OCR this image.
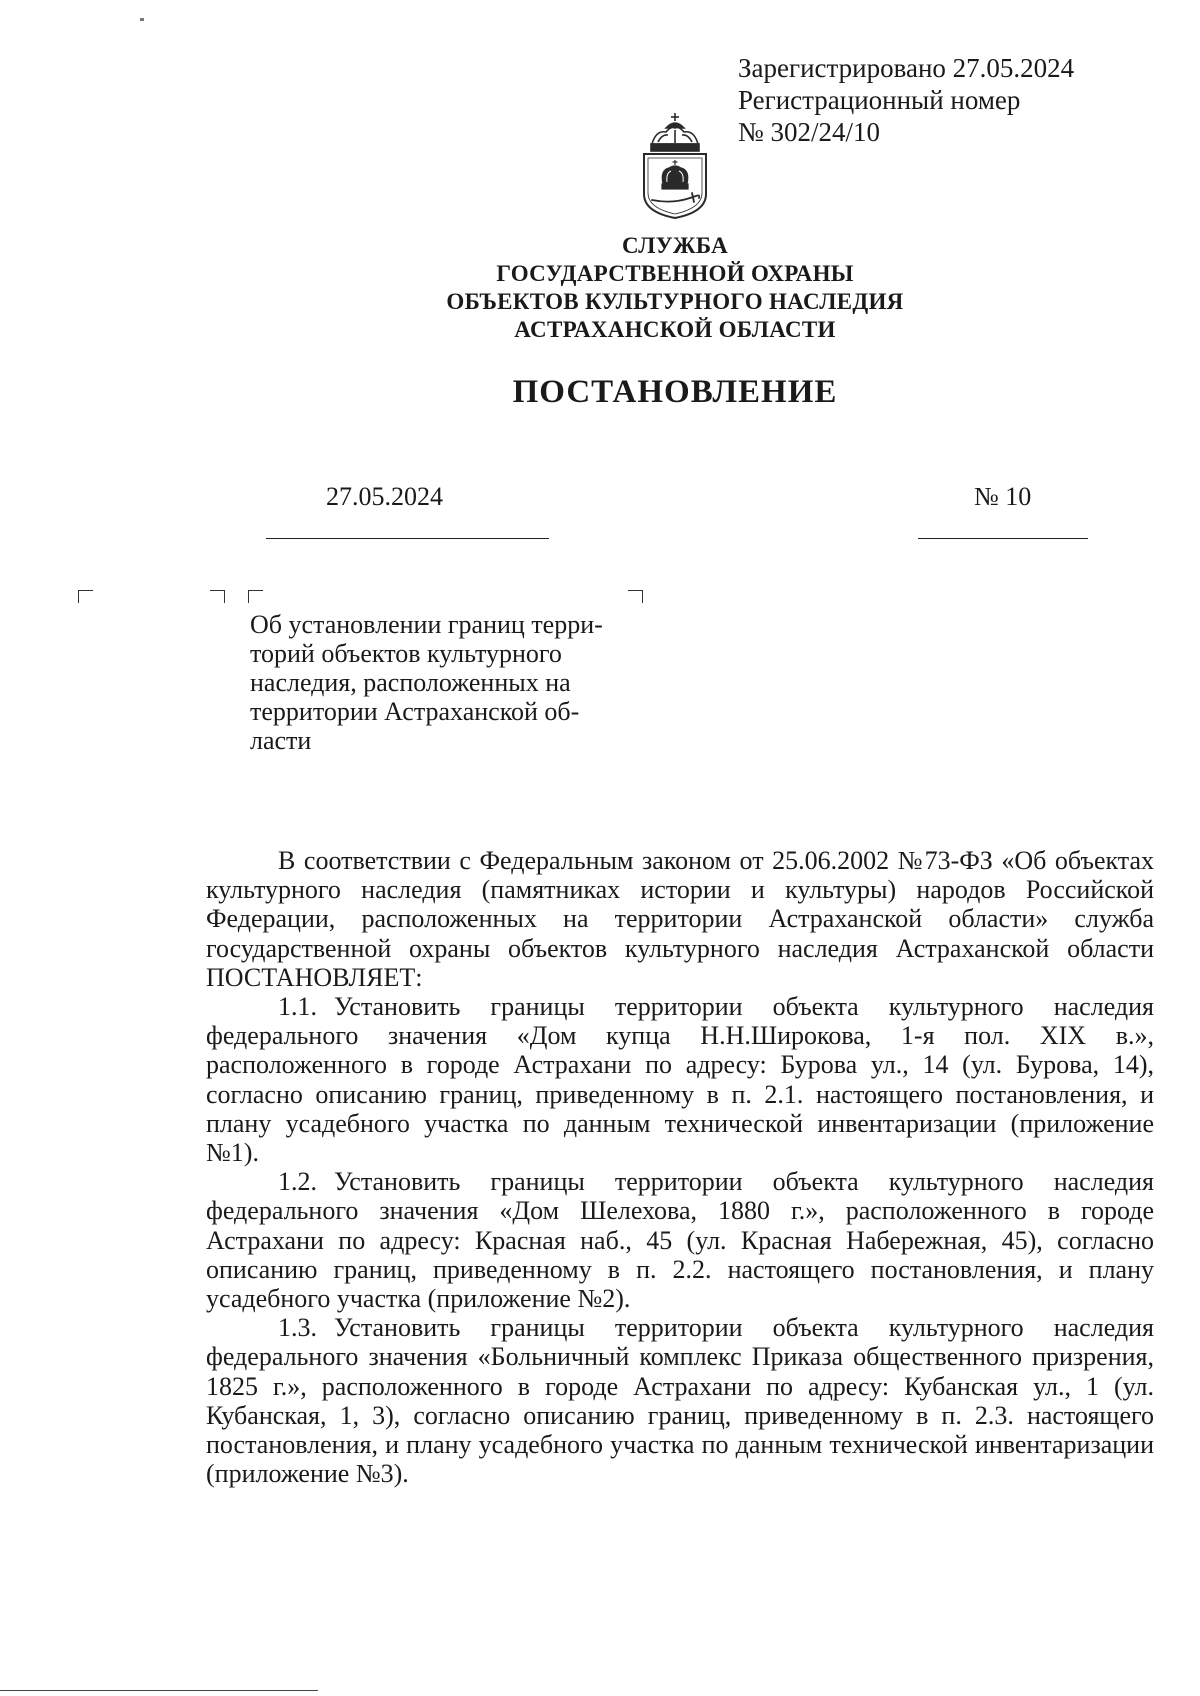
Зарегистрировано 27.05.2024
Регистрационный номер
№ 302/24/10
СЛУЖБА
ГОСУДАРСТВЕННОЙ ОХРАНЫ
ОБЪЕКТОВ КУЛЬТУРНОГО НАСЛЕДИЯ
АСТРАХАНСКОЙ ОБЛАСТИ
ПОСТАНОВЛЕНИЕ
27.05.2024	№ 10
Об установлении границ терри-
торий объектов культурного
наследия, расположенных на
территории Астраханской об-
ласти

В соответствии с Федеральным законом от 25.06.2002 №73-ФЗ «Об объектах культурного наследия (памятниках истории и культуры) народов Российской Федерации, расположенных на территории Астраханской области» служба государственной охраны объектов культурного наследия Астраханской области ПОСТАНОВЛЯЕТ:

1.1. Установить границы территории объекта культурного наследия федерального значения «Дом купца Н.Н.Широкова, 1-я пол. XIX в.», расположенного в городе Астрахани по адресу: Бурова ул., 14 (ул. Бурова, 14), согласно описанию границ, приведенному в п. 2.1. настоящего постановления, и плану усадебного участка по данным технической инвентаризации (приложение №1).

1.2. Установить границы территории объекта культурного наследия федерального значения «Дом Шелехова, 1880 г.», расположенного в городе Астрахани по адресу: Красная наб., 45 (ул. Красная Набережная, 45), согласно описанию границ, приведенному в п. 2.2. настоящего постановления, и плану усадебного участка (приложение №2).

1.3. Установить границы территории объекта культурного наследия федерального значения «Больничный комплекс Приказа общественного призрения, 1825 г.», расположенного в городе Астрахани по адресу: Кубанская ул., 1 (ул. Кубанская, 1, 3), согласно описанию границ, приведенному в п. 2.3. настоящего постановления, и плану усадебного участка по данным технической инвентаризации (приложение №3).
